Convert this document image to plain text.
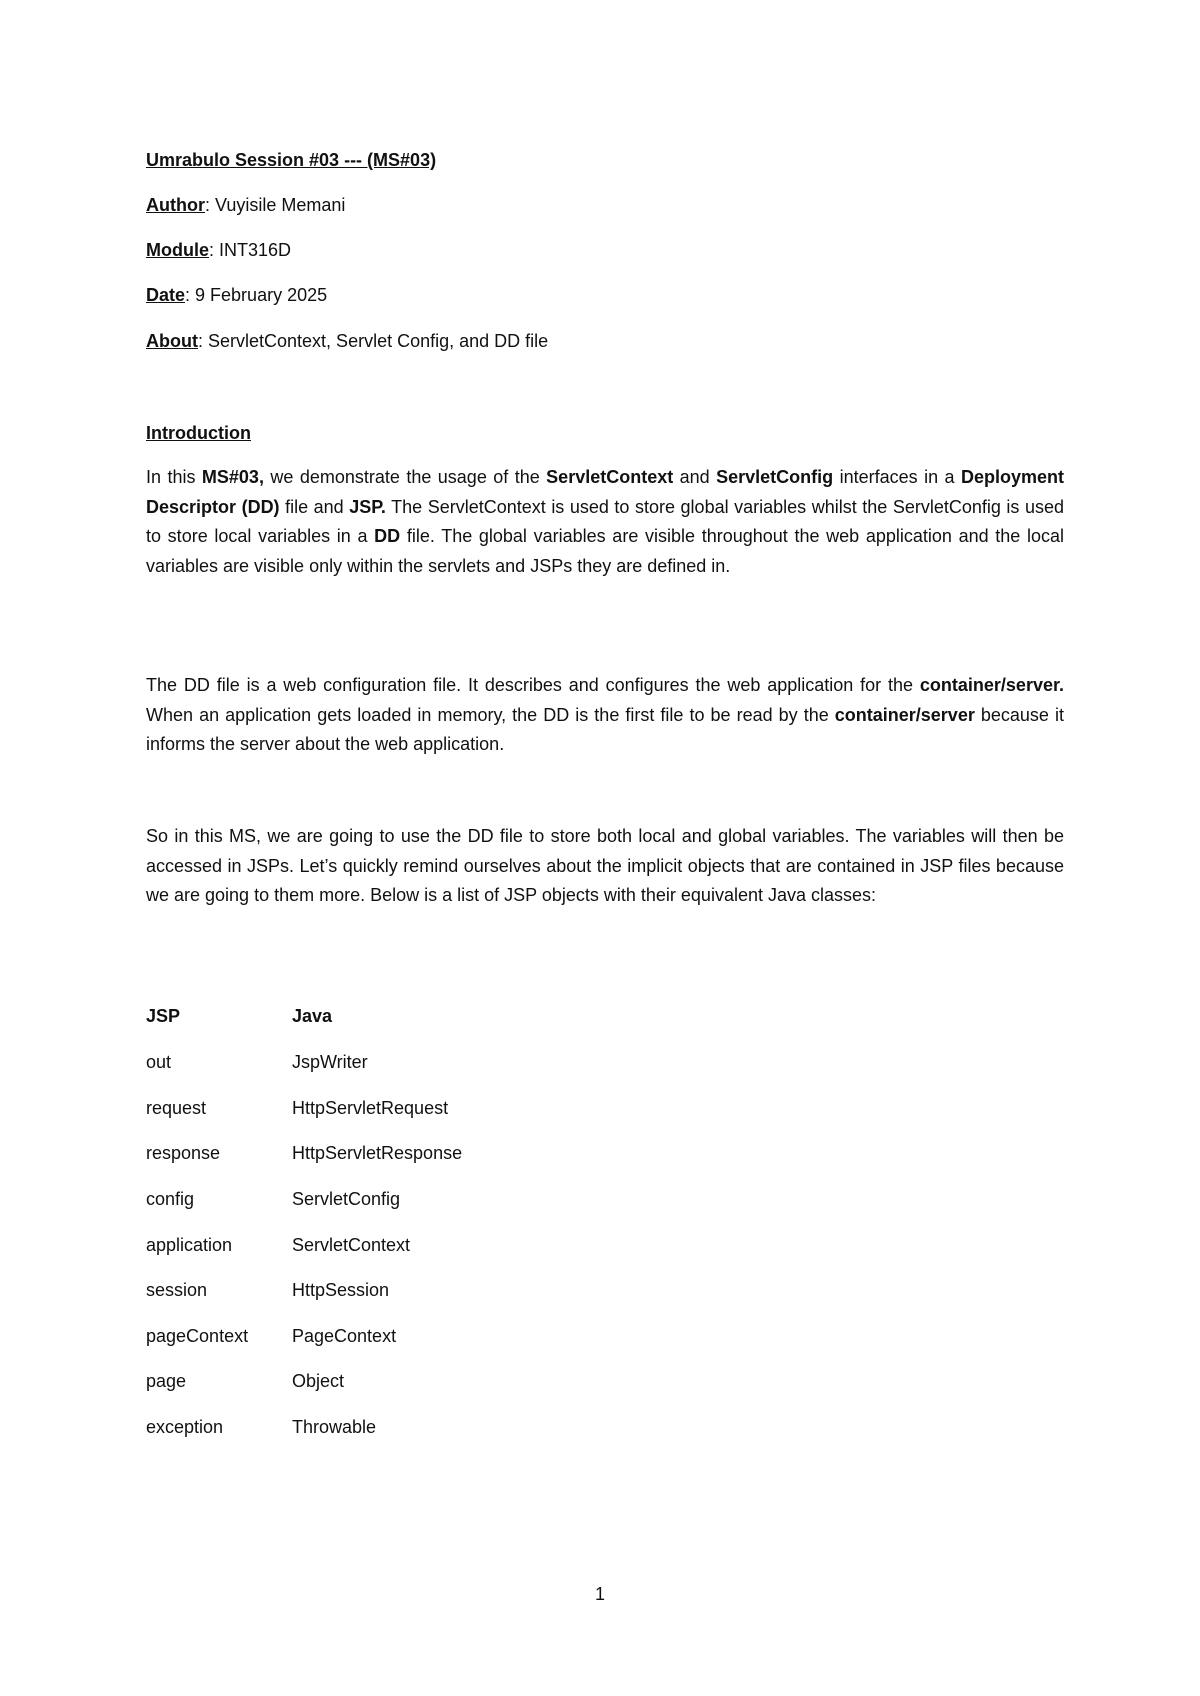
Umrabulo Session #03 --- (MS#03)
Author: Vuyisile Memani
Module: INT316D
Date: 9 February 2025
About: ServletContext, Servlet Config, and DD file
Introduction
In this MS#03, we demonstrate the usage of the ServletContext and ServletConfig interfaces in a Deployment Descriptor (DD) file and JSP. The ServletContext is used to store global variables whilst the ServletConfig is used to store local variables in a DD file. The global variables are visible throughout the web application and the local variables are visible only within the servlets and JSPs they are defined in.
The DD file is a web configuration file. It describes and configures the web application for the container/server. When an application gets loaded in memory, the DD is the first file to be read by the container/server because it informs the server about the web application.
So in this MS, we are going to use the DD file to store both local and global variables. The variables will then be accessed in JSPs. Let’s quickly remind ourselves about the implicit objects that are contained in JSP files because we are going to them more. Below is a list of JSP objects with their equivalent Java classes:
JSP	Java
out	JspWriter
request	HttpServletRequest
response	HttpServletResponse
config	ServletConfig
application	ServletContext
session	HttpSession
pageContext PageContext
page	Object
exception	Throwable
1
